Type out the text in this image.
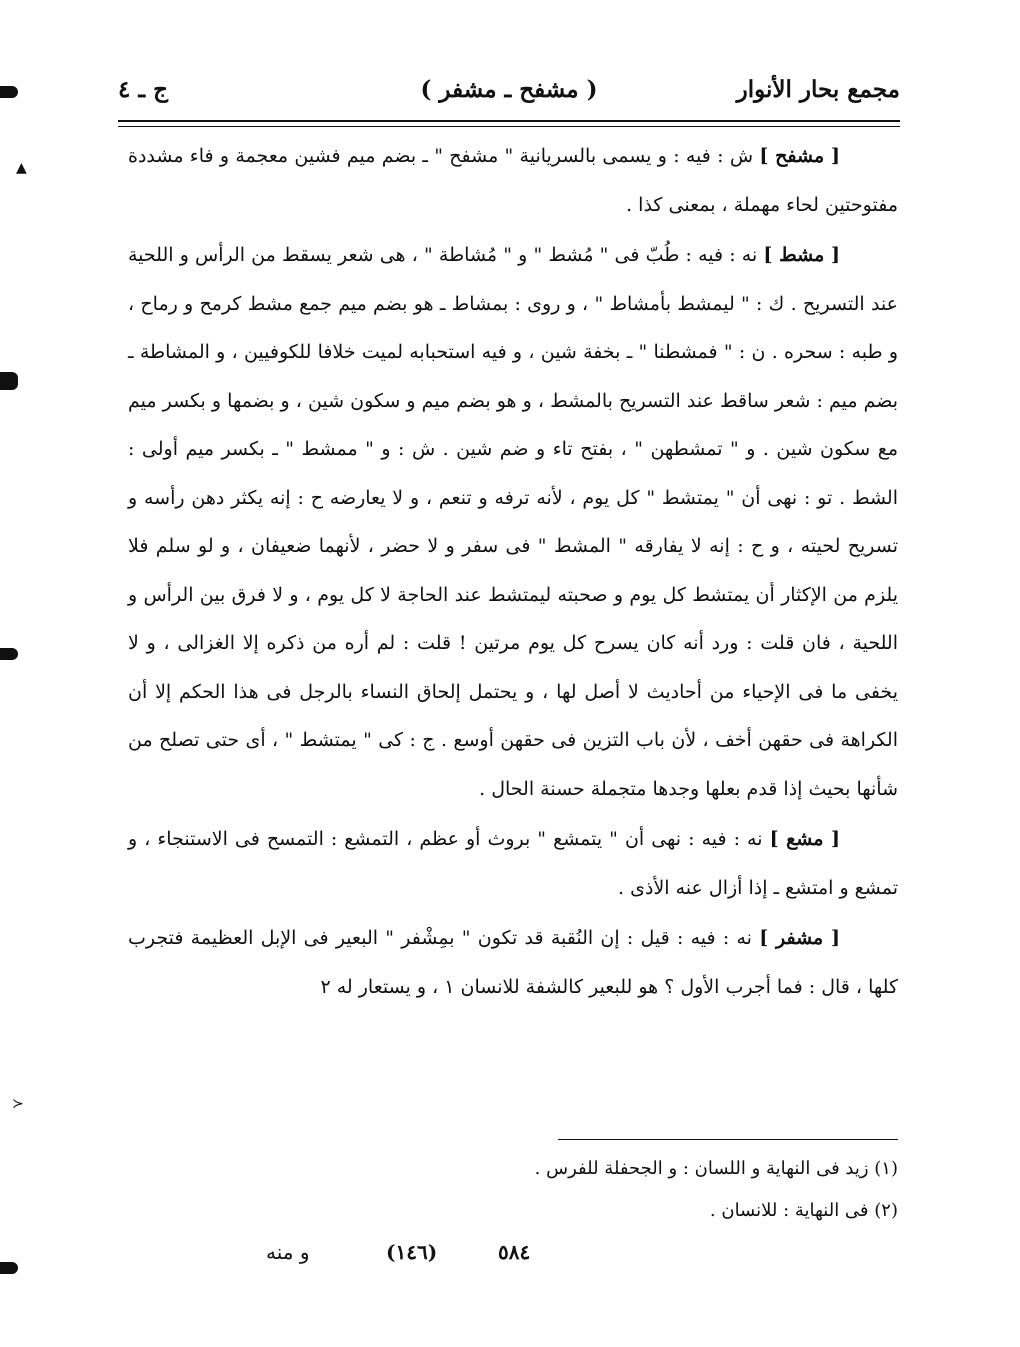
مجمع بحار الأنوار
( مشفح ـ مشفر )
ج ـ ٤

[ مشفح ] ش : فيه : و يسمى بالسريانية " مشفح " ـ بضم ميم فشين معجمة و فاء مشددة مفتوحتين لحاء مهملة ، بمعنى كذا .

[ مشط ] نه : فيه : طُبّ فى " مُشط " و " مُشاطة " ، هى شعر يسقط من الرأس و اللحية عند التسريح . ك : " ليمشط بأمشاط " ، و روى : بمشاط ـ هو بضم ميم جمع مشط كرمح و رماح ، و طبه : سحره . ن : " فمشطنا " ـ بخفة شين ، و فيه استحبابه لميت خلافا للكوفيين ، و المشاطة ـ بضم ميم : شعر ساقط عند التسريح بالمشط ، و هو بضم ميم و سكون شين ، و بضمها و بكسر ميم مع سكون شين . و " تمشطهن " ، بفتح تاء و ضم شين . ش : و " ممشط " ـ بكسر ميم أولى : الشط . تو : نهى أن " يمتشط " كل يوم ، لأنه ترفه و تنعم ، و لا يعارضه ح : إنه يكثر دهن رأسه و تسريح لحيته ، و ح : إنه لا يفارقه " المشط " فى سفر و لا حضر ، لأنهما ضعيفان ، و لو سلم فلا يلزم من الإكثار أن يمتشط كل يوم و صحبته ليمتشط عند الحاجة لا كل يوم ، و لا فرق بين الرأس و اللحية ، فان قلت : ورد أنه كان يسرح كل يوم مرتين ! قلت : لم أره من ذكره إلا الغزالى ، و لا يخفى ما فى الإحياء من أحاديث لا أصل لها ، و يحتمل إلحاق النساء بالرجل فى هذا الحكم إلا أن الكراهة فى حقهن أخف ، لأن باب التزين فى حقهن أوسع . ج : كى " يمتشط " ، أى حتى تصلح من شأنها بحيث إذا قدم بعلها وجدها متجملة حسنة الحال .

[ مشع ] نه : فيه : نهى أن " يتمشع " بروث أو عظم ، التمشع : التمسح فى الاستنجاء ، و تمشع و امتشع ـ إذا أزال عنه الأذى .

[ مشفر ] نه : فيه : قيل : إن النُقبة قد تكون " بمِشْفر " البعير فى الإبل العظيمة فتجرب كلها ، قال : فما أجرب الأول ؟ هو للبعير كالشفة للانسان ١ ، و يستعار له ٢

(١) زيد فى النهاية و اللسان : و الجحفلة للفرس .
(٢) فى النهاية : للانسان .
٥٨٤
(١٤٦)
و منه
▲
≻
